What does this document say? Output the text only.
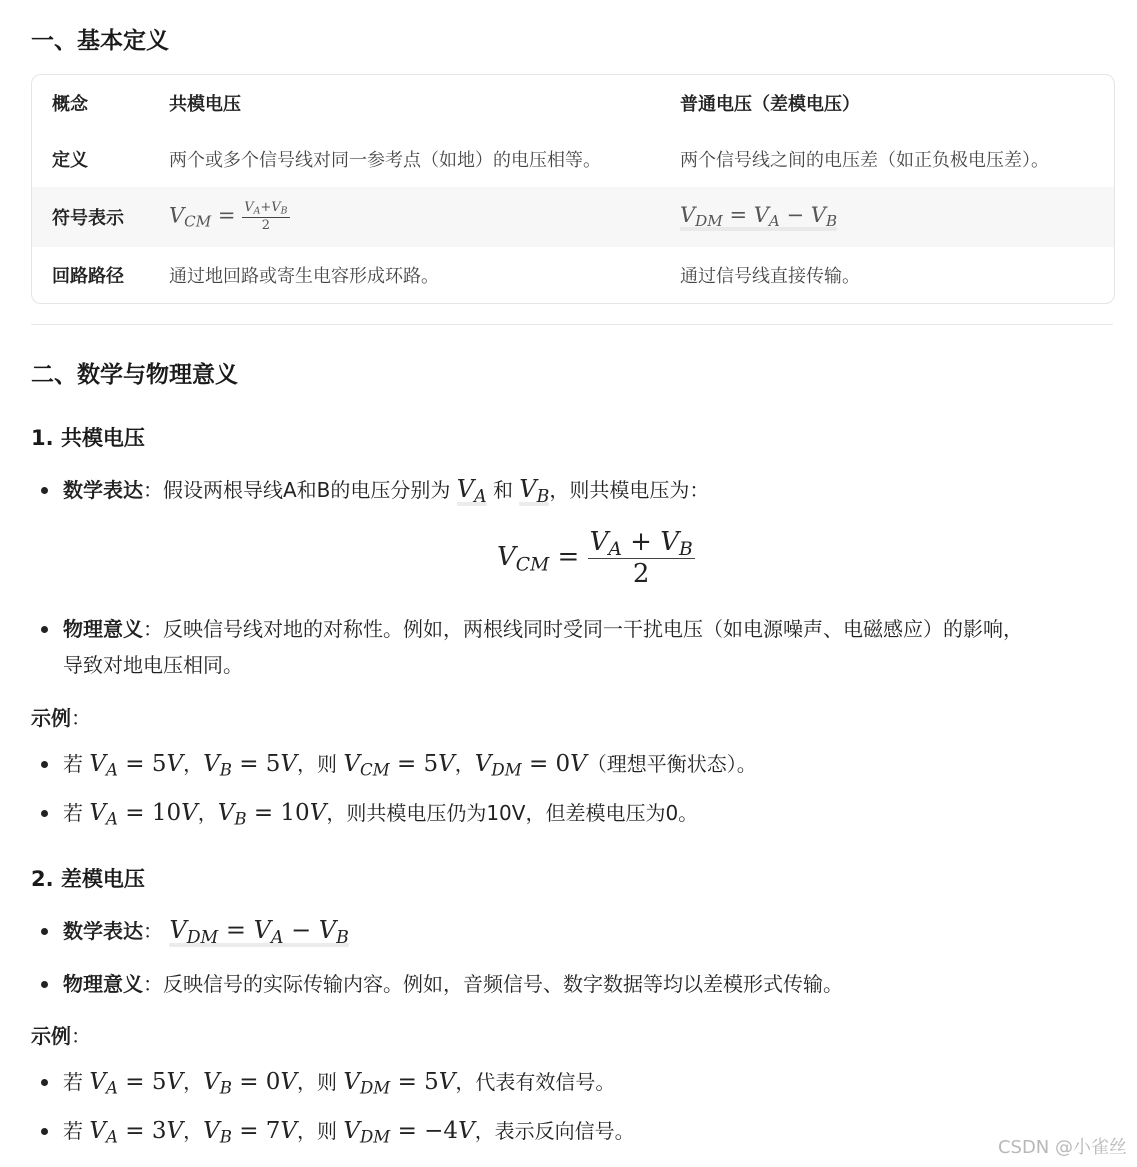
一、基本定义
概念	共模电压	普通电压（差模电压）
定义	两个或多个信号线对同一参考点（如地）的电压相等。	两个信号线之间的电压差（如正负极电压差）。
符号表示	$V_{CM} = \frac{V_A+V_B}{2}$	$V_{DM} = V_A - V_B$
回路路径	通过地回路或寄生电容形成环路。	通过信号线直接传输。
二、数学与物理意义
1. 共模电压
数学表达：假设两根导线A和B的电压分别为 $V_A$ 和 $V_B$，则共模电压为：
$V_{CM} = \frac{V_A + V_B}{2}$
物理意义：反映信号线对地的对称性。例如，两根线同时受同一干扰电压（如电源噪声、电磁感应）的影响，
导致对地电压相同。
示例：
若 $V_A = 5V$，$V_B = 5V$，则 $V_{CM} = 5V$，$V_{DM} = 0V$（理想平衡状态）。
若 $V_A = 10V$，$V_B = 10V$，则共模电压仍为10V，但差模电压为0。
2. 差模电压
数学表达： $V_{DM} = V_A - V_B$
物理意义：反映信号的实际传输内容。例如，音频信号、数字数据等均以差模形式传输。
示例：
若 $V_A = 5V$，$V_B = 0V$，则 $V_{DM} = 5V$，代表有效信号。
若 $V_A = 3V$，$V_B = 7V$，则 $V_{DM} = -4V$，表示反向信号。
CSDN @小雀丝
